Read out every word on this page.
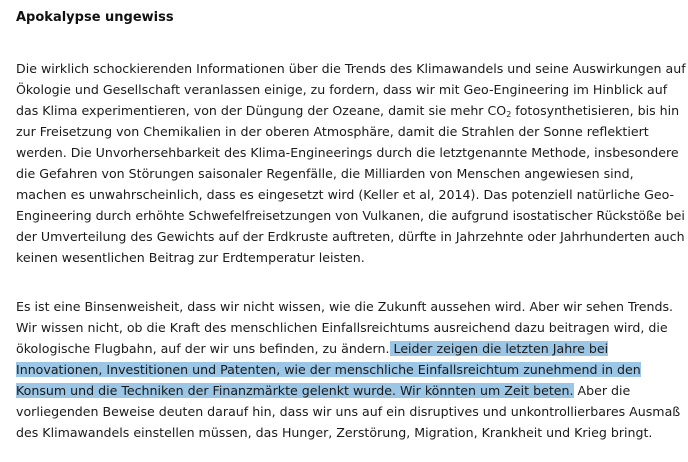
Apokalypse ungewiss
Die wirklich schockierenden Informationen über die Trends des Klimawandels und seine Auswirkungen auf
Ökologie und Gesellschaft veranlassen einige, zu fordern, dass wir mit Geo-Engineering im Hinblick auf
das Klima experimentieren, von der Düngung der Ozeane, damit sie mehr $CO_2$ fotosynthetisieren, bis hin
zur Freisetzung von Chemikalien in der oberen Atmosphäre, damit die Strahlen der Sonne reflektiert
werden. Die Unvorhersehbarkeit des Klima-Engineerings durch die letztgenannte Methode, insbesondere
die Gefahren von Störungen saisonaler Regenfälle, die Milliarden von Menschen angewiesen sind,
machen es unwahrscheinlich, dass es eingesetzt wird (Keller et al, 2014). Das potenziell natürliche Geo-
Engineering durch erhöhte Schwefelfreisetzungen von Vulkanen, die aufgrund isostatischer Rückstöße bei
der Umverteilung des Gewichts auf der Erdkruste auftreten, dürfte in Jahrzehnte oder Jahrhunderten auch
keinen wesentlichen Beitrag zur Erdtemperatur leisten.
Es ist eine Binsenweisheit, dass wir nicht wissen, wie die Zukunft aussehen wird. Aber wir sehen Trends.
Wir wissen nicht, ob die Kraft des menschlichen Einfallsreichtums ausreichend dazu beitragen wird, die
ökologische Flugbahn, auf der wir uns befinden, zu ändern. Leider zeigen die letzten Jahre bei
Innovationen, Investitionen und Patenten, wie der menschliche Einfallsreichtum zunehmend in den
Konsum und die Techniken der Finanzmärkte gelenkt wurde. Wir könnten um Zeit beten. Aber die
vorliegenden Beweise deuten darauf hin, dass wir uns auf ein disruptives und unkontrollierbares Ausmaß
des Klimawandels einstellen müssen, das Hunger, Zerstörung, Migration, Krankheit und Krieg bringt.
